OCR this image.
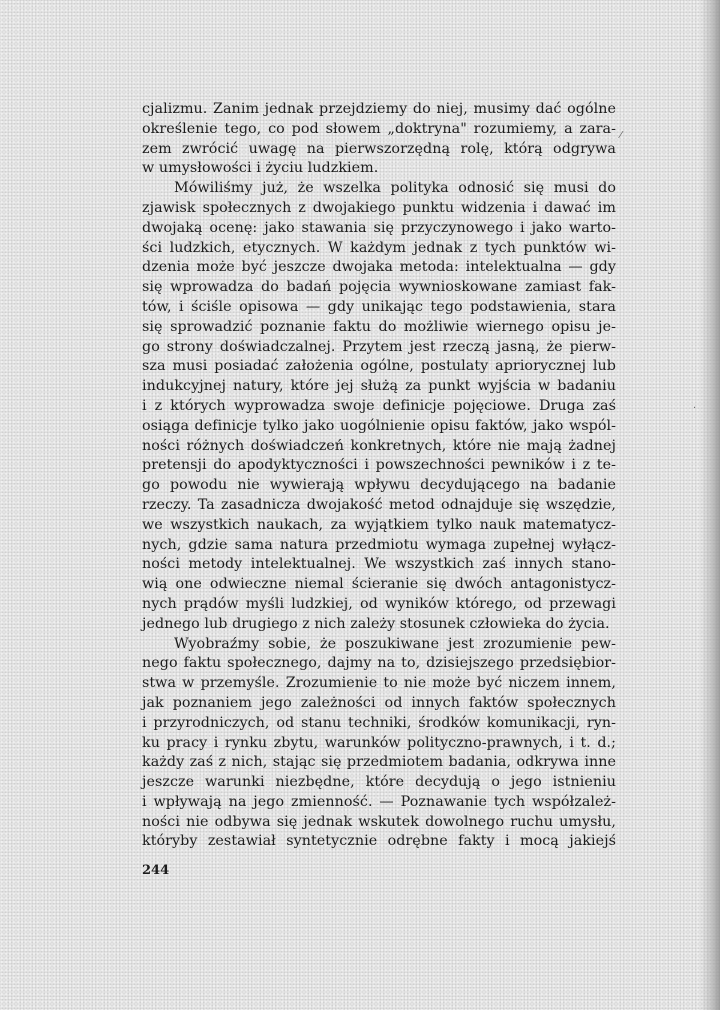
⁄
·
cjalizmu. Zanim jednak przejdziemy do niej, musimy dać ogólne
określenie tego, co pod słowem „doktryna" rozumiemy, a zara-
zem zwrócić uwagę na pierwszorzędną rolę, którą odgrywa
w umysłowości i życiu ludzkiem.
Mówiliśmy już, że wszelka polityka odnosić się musi do
zjawisk społecznych z dwojakiego punktu widzenia i dawać im
dwojaką ocenę: jako stawania się przyczynowego i jako warto-
ści ludzkich, etycznych. W każdym jednak z tych punktów wi-
dzenia może być jeszcze dwojaka metoda: intelektualna — gdy
się wprowadza do badań pojęcia wywnioskowane zamiast fak-
tów, i ściśle opisowa — gdy unikając tego podstawienia, stara
się sprowadzić poznanie faktu do możliwie wiernego opisu je-
go strony doświadczalnej. Przytem jest rzeczą jasną, że pierw-
sza musi posiadać założenia ogólne, postulaty apriorycznej lub
indukcyjnej natury, które jej służą za punkt wyjścia w badaniu
i z których wyprowadza swoje definicje pojęciowe. Druga zaś
osiąga definicje tylko jako uogólnienie opisu faktów, jako wspól-
ności różnych doświadczeń konkretnych, które nie mają żadnej
pretensji do apodyktyczności i powszechności pewników i z te-
go powodu nie wywierają wpływu decydującego na badanie
rzeczy. Ta zasadnicza dwojakość metod odnajduje się wszędzie,
we wszystkich naukach, za wyjątkiem tylko nauk matematycz-
nych, gdzie sama natura przedmiotu wymaga zupełnej wyłącz-
ności metody intelektualnej. We wszystkich zaś innych stano-
wią one odwieczne niemal ścieranie się dwóch antagonistycz-
nych prądów myśli ludzkiej, od wyników którego, od przewagi
jednego lub drugiego z nich zależy stosunek człowieka do życia.
Wyobraźmy sobie, że poszukiwane jest zrozumienie pew-
nego faktu społecznego, dajmy na to, dzisiejszego przedsiębior-
stwa w przemyśle. Zrozumienie to nie może być niczem innem,
jak poznaniem jego zależności od innych faktów społecznych
i przyrodniczych, od stanu techniki, środków komunikacji, ryn-
ku pracy i rynku zbytu, warunków polityczno-prawnych, i t. d.;
każdy zaś z nich, stając się przedmiotem badania, odkrywa inne
jeszcze warunki niezbędne, które decydują o jego istnieniu
i wpływają na jego zmienność. — Poznawanie tych współzależ-
ności nie odbywa się jednak wskutek dowolnego ruchu umysłu,
któryby zestawiał syntetycznie odrębne fakty i mocą jakiejś
244
